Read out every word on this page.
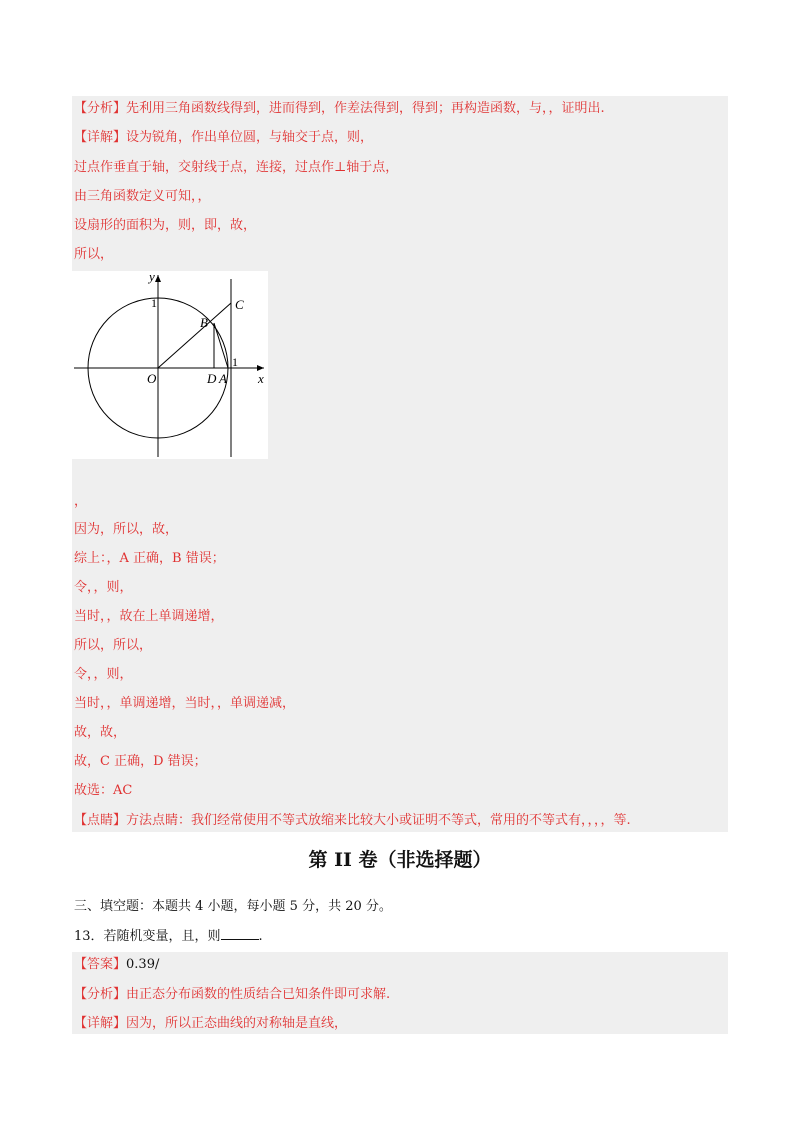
【分析】先利用三角函数线得到，进而得到，作差法得到，得到；再构造函数，与，，证明出.
【详解】设为锐角，作出单位圆，与轴交于点，则，
过点作垂直于轴，交射线于点，连接，过点作⊥轴于点，
由三角函数定义可知，，
设扇形的面积为，则，即，故，
所以，
y
x
1
1
O
B
C
D A
，
因为，所以，故，
综上：，A 正确，B 错误；
令，，则，
当时，，故在上单调递增，
所以，所以，
令，，则，
当时，，单调递增，当时，，单调递减，
故，故，
故，C 正确，D 错误；
故选：AC
【点睛】方法点睛：我们经常使用不等式放缩来比较大小或证明不等式，常用的不等式有，，，，等.
第 II 卷（非选择题）
三、填空题：本题共 4 小题，每小题 5 分，共 20 分。
13．若随机变量，且，则	.
【答案】0.39/
【分析】由正态分布函数的性质结合已知条件即可求解.
【详解】因为，所以正态曲线的对称轴是直线，
